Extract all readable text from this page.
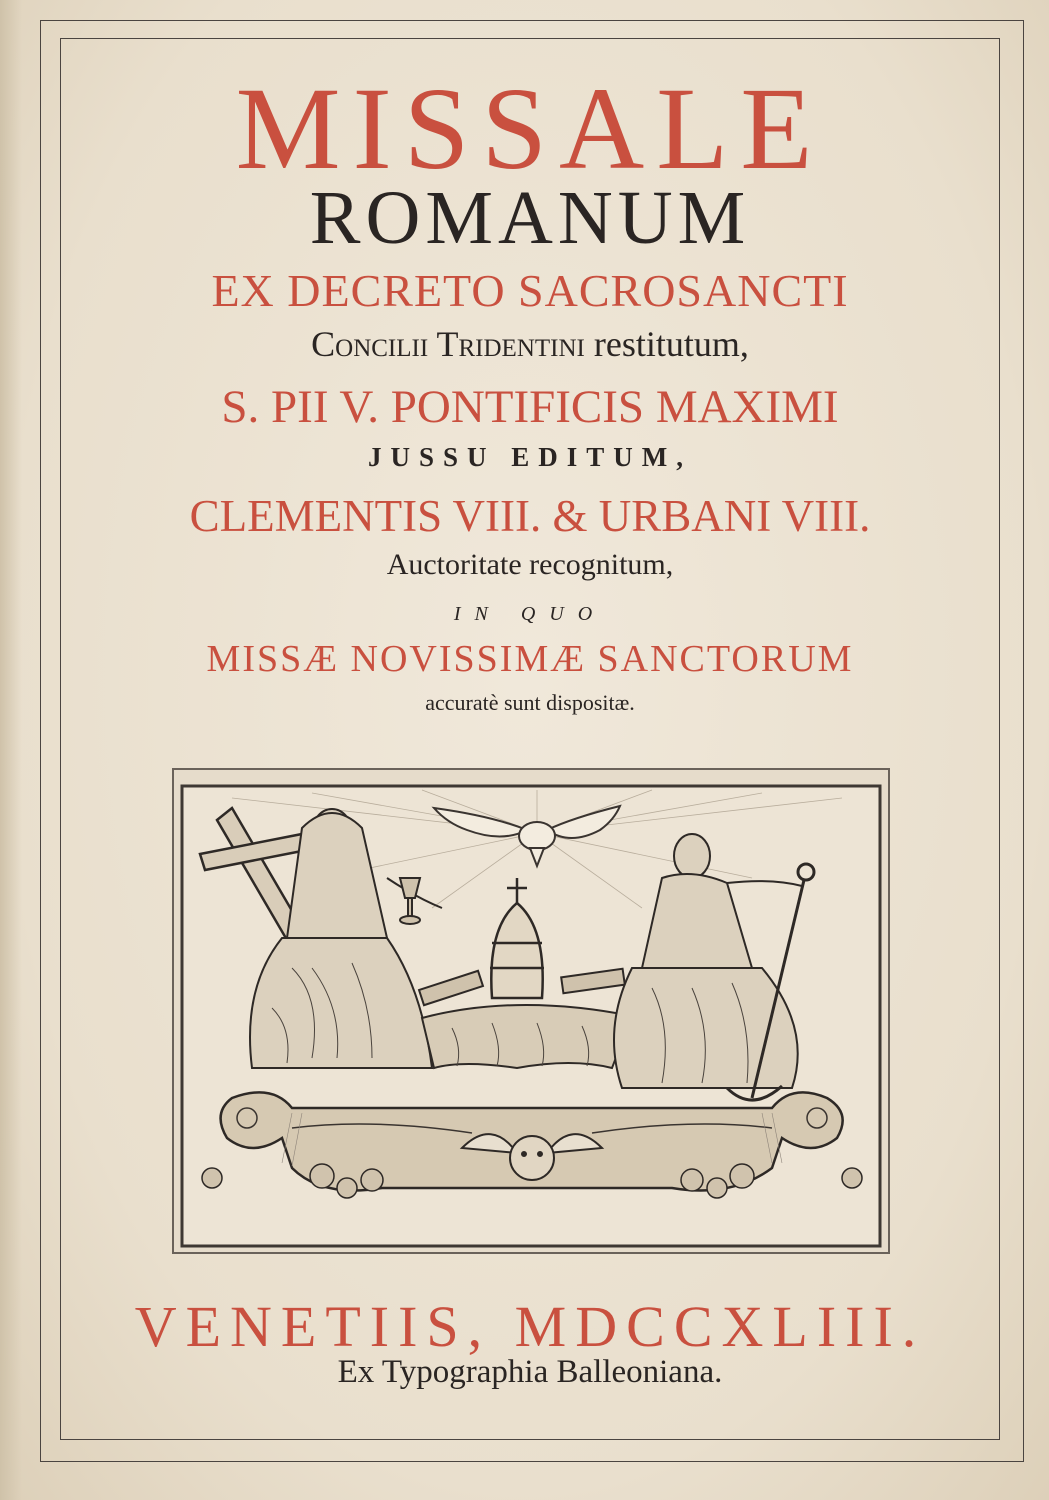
MISSALE
ROMANUM
EX DECRETO SACROSANCTI
Concilii Tridentini restitutum,
S. PII V. PONTIFICIS MAXIMI
JUSSU EDITUM,
CLEMENTIS VIII. & URBANI VIII.
Auctoritate recognitum,
IN QUO
MISSÆ NOVISSIMÆ SANCTORUM
accuratè sunt dispositæ.
VENETIIS, MDCCXLIII.
Ex Typographia Balleoniana.
